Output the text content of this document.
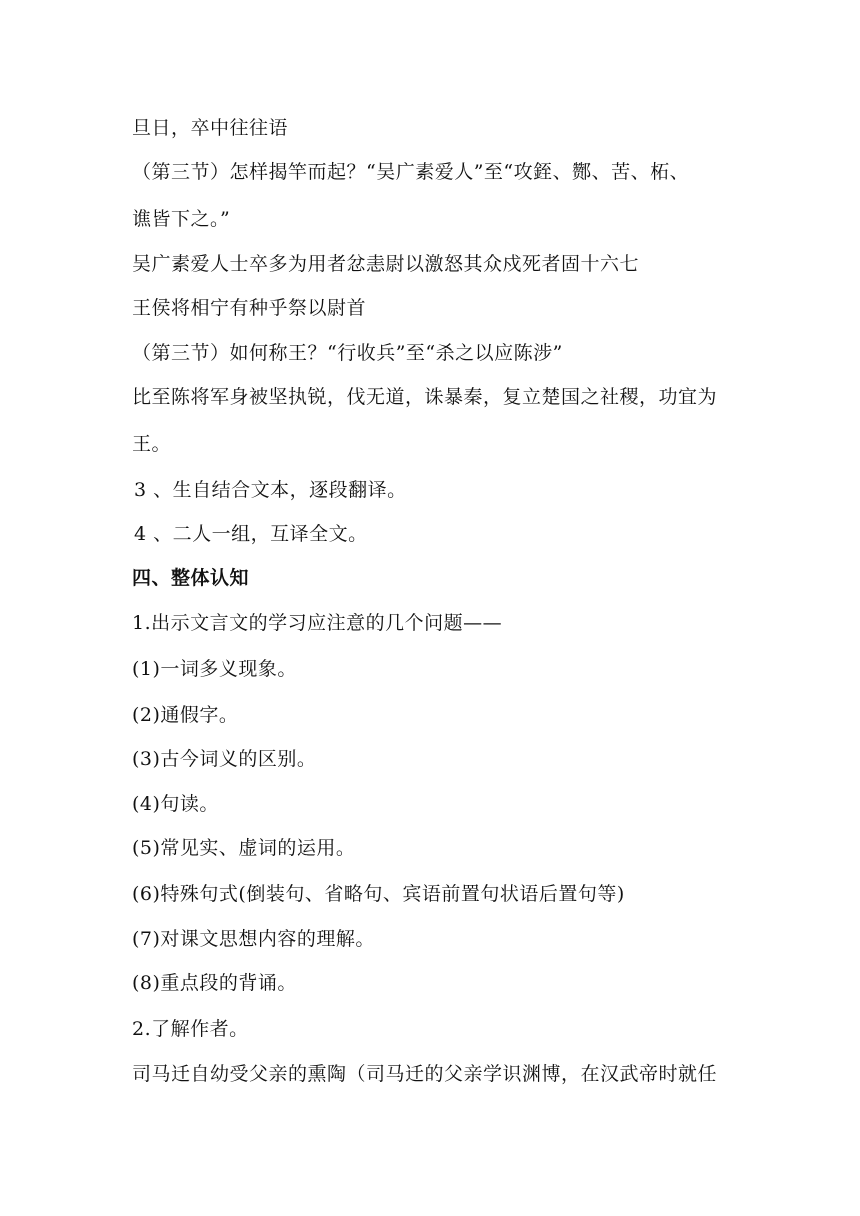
旦日，卒中往往语
（第三节）怎样揭竿而起？“吴广素爱人”至“攻銍、酂、苦、柘、
谯皆下之。”
吴广素爱人士卒多为用者忿恚尉以激怒其众戍死者固十六七
王侯将相宁有种乎祭以尉首
（第三节）如何称王？“行收兵”至“杀之以应陈涉”
比至陈将军身被坚执锐，伐无道，诛暴秦，复立楚国之社稷，功宜为
王。
3 、生自结合文本，逐段翻译。
4 、二人一组，互译全文。
四、整体认知
1.出示文言文的学习应注意的几个问题——
(1)一词多义现象。
(2)通假字。
(3)古今词义的区别。
(4)句读。
(5)常见实、虚词的运用。
(6)特殊句式(倒装句、省略句、宾语前置句状语后置句等)
(7)对课文思想内容的理解。
(8)重点段的背诵。
2.了解作者。
司马迁自幼受父亲的熏陶（司马迁的父亲学识渊博，在汉武帝时就任
